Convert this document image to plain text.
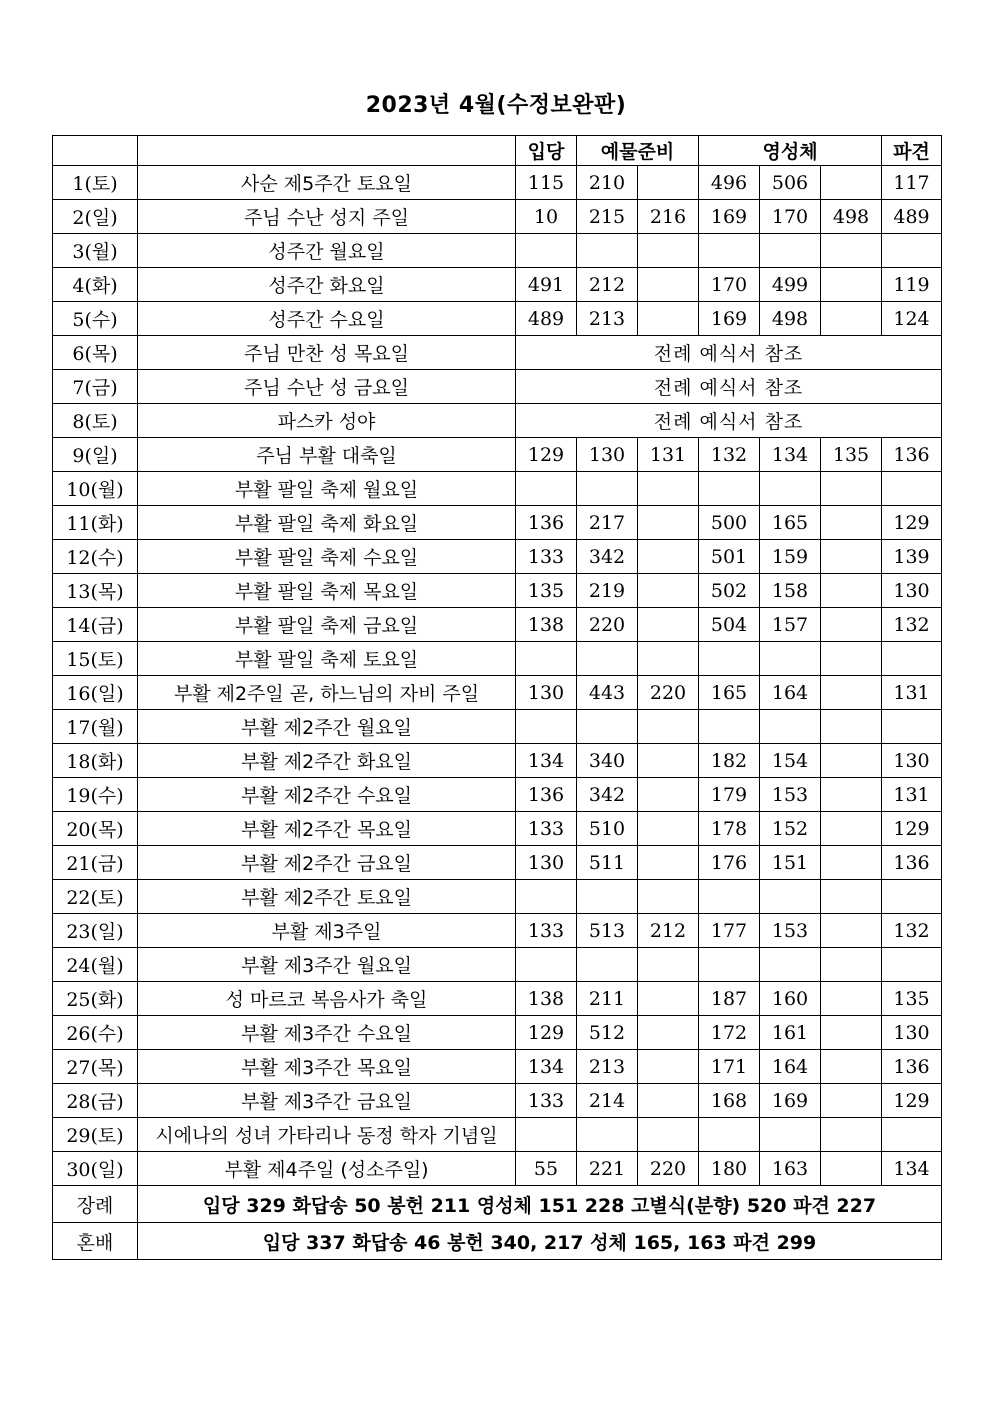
2023년 4월(수정보완판)
		입당	예물준비		영성체			파견
1(토)	사순 제5주간 토요일	115	210		496	506		117
2(일)	주님 수난 성지 주일	10	215	216	169	170	498	489
3(월)	성주간 월요일							
4(화)	성주간 화요일	491	212		170	499		119
5(수)	성주간 수요일	489	213		169	498		124
6(목)	주님 만찬 성 목요일	전례 예식서 참조						
7(금)	주님 수난 성 금요일	전례 예식서 참조						
8(토)	파스카 성야	전례 예식서 참조						
9(일)	주님 부활 대축일	129	130	131	132	134	135	136
10(월)	부활 팔일 축제 월요일							
11(화)	부활 팔일 축제 화요일	136	217		500	165		129
12(수)	부활 팔일 축제 수요일	133	342		501	159		139
13(목)	부활 팔일 축제 목요일	135	219		502	158		130
14(금)	부활 팔일 축제 금요일	138	220		504	157		132
15(토)	부활 팔일 축제 토요일							
16(일)	부활 제2주일 곧, 하느님의 자비 주일	130	443	220	165	164		131
17(월)	부활 제2주간 월요일							
18(화)	부활 제2주간 화요일	134	340		182	154		130
19(수)	부활 제2주간 수요일	136	342		179	153		131
20(목)	부활 제2주간 목요일	133	510		178	152		129
21(금)	부활 제2주간 금요일	130	511		176	151		136
22(토)	부활 제2주간 토요일							
23(일)	부활 제3주일	133	513	212	177	153		132
24(월)	부활 제3주간 월요일							
25(화)	성 마르코 복음사가 축일	138	211		187	160		135
26(수)	부활 제3주간 수요일	129	512		172	161		130
27(목)	부활 제3주간 목요일	134	213		171	164		136
28(금)	부활 제3주간 금요일	133	214		168	169		129
29(토)	시에나의 성녀 가타리나 동정 학자 기념일							
30(일)	부활 제4주일 (성소주일)	55	221	220	180	163		134
장례	입당 329 화답송 50 봉헌 211 영성체 151 228 고별식(분향) 520 파견 227							
혼배	입당 337 화답송 46 봉헌 340, 217 성체 165, 163 파견 299							
